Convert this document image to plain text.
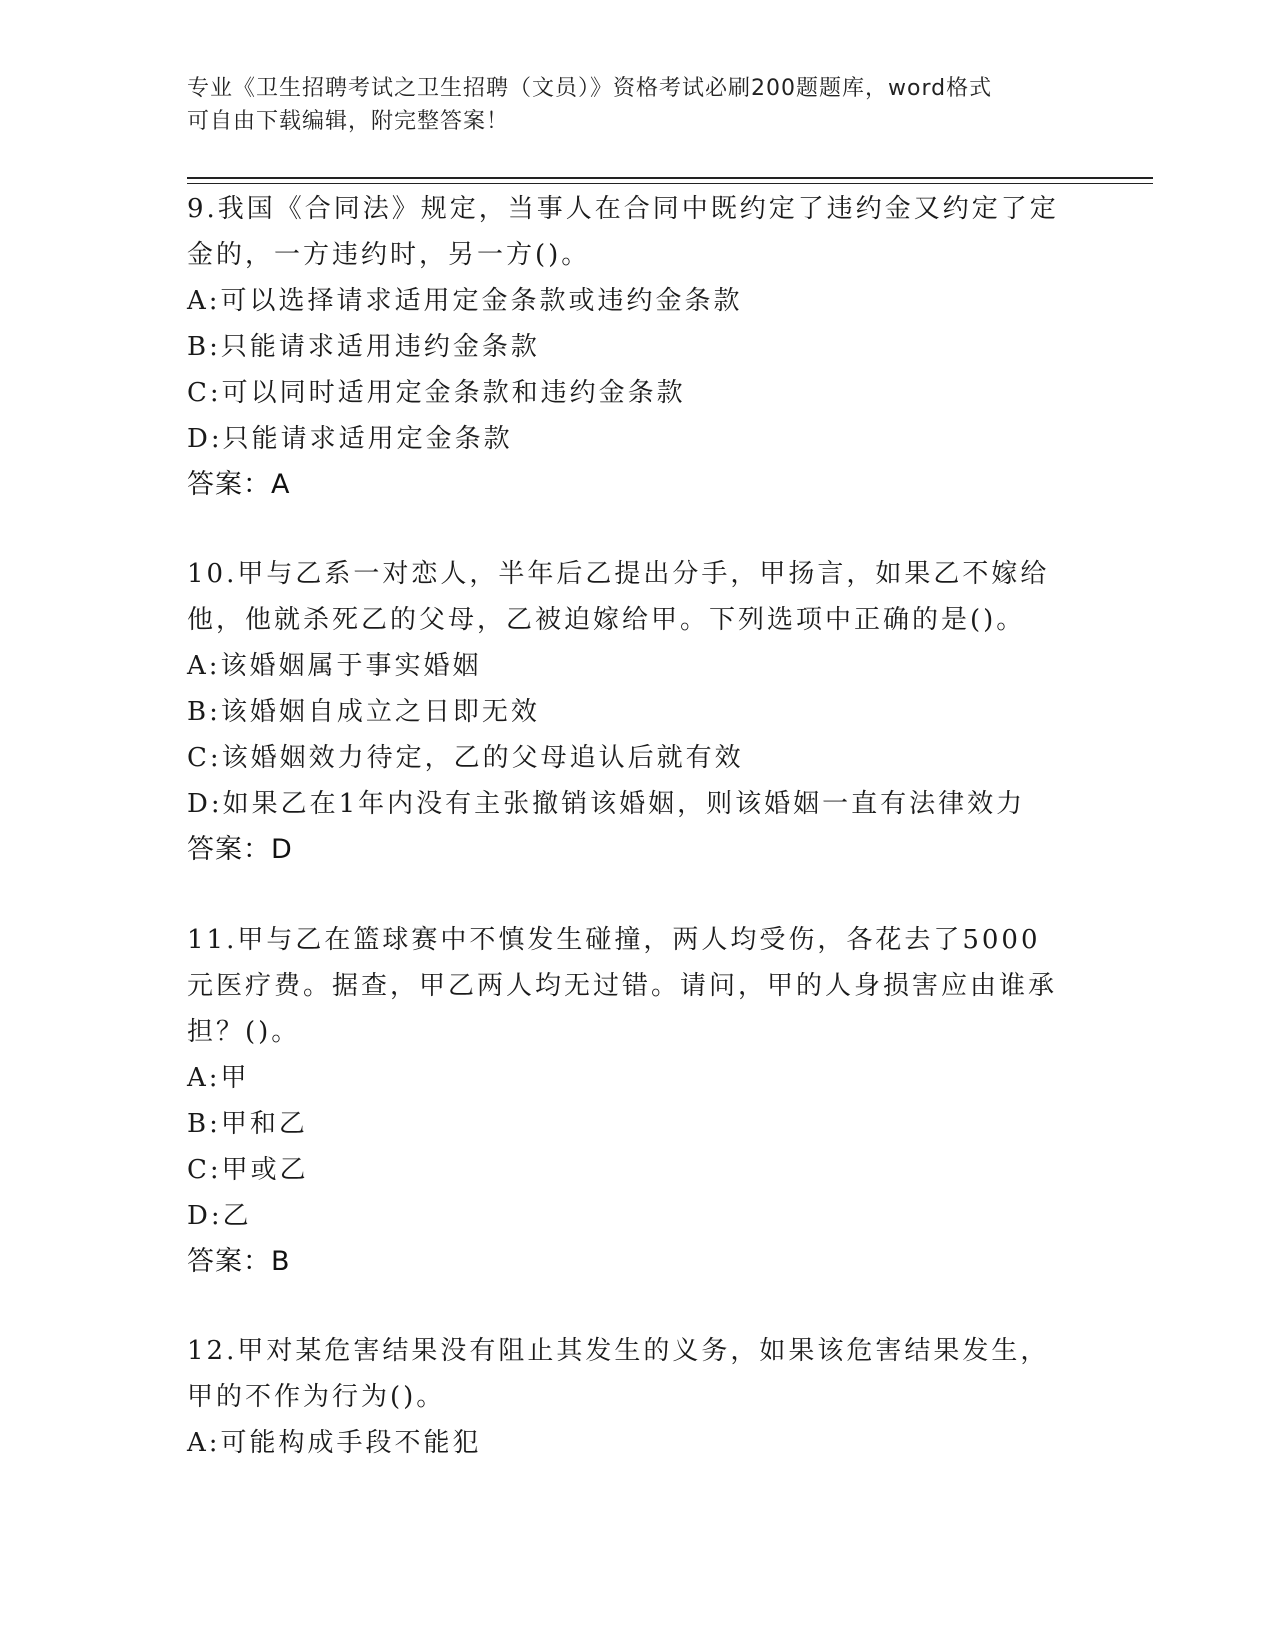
专业《卫生招聘考试之卫生招聘（文员）》资格考试必刷200题题库，word格式
可自由下载编辑，附完整答案！

9.我国《合同法》规定，当事人在合同中既约定了违约金又约定了定金的，一方违约时，另一方()。

A:可以选择请求适用定金条款或违约金条款

B:只能请求适用违约金条款

C:可以同时适用定金条款和违约金条款

D:只能请求适用定金条款

答案：A

10.甲与乙系一对恋人，半年后乙提出分手，甲扬言，如果乙不嫁给他，他就杀死乙的父母，乙被迫嫁给甲。下列选项中正确的是()。

A:该婚姻属于事实婚姻

B:该婚姻自成立之日即无效

C:该婚姻效力待定，乙的父母追认后就有效

D:如果乙在1年内没有主张撤销该婚姻，则该婚姻一直有法律效力

答案：D

11.甲与乙在篮球赛中不慎发生碰撞，两人均受伤，各花去了5000元医疗费。据查，甲乙两人均无过错。请问，甲的人身损害应由谁承担？()。

A:甲

B:甲和乙

C:甲或乙

D:乙

答案：B

12.甲对某危害结果没有阻止其发生的义务，如果该危害结果发生，甲的不作为行为()。

A:可能构成手段不能犯
